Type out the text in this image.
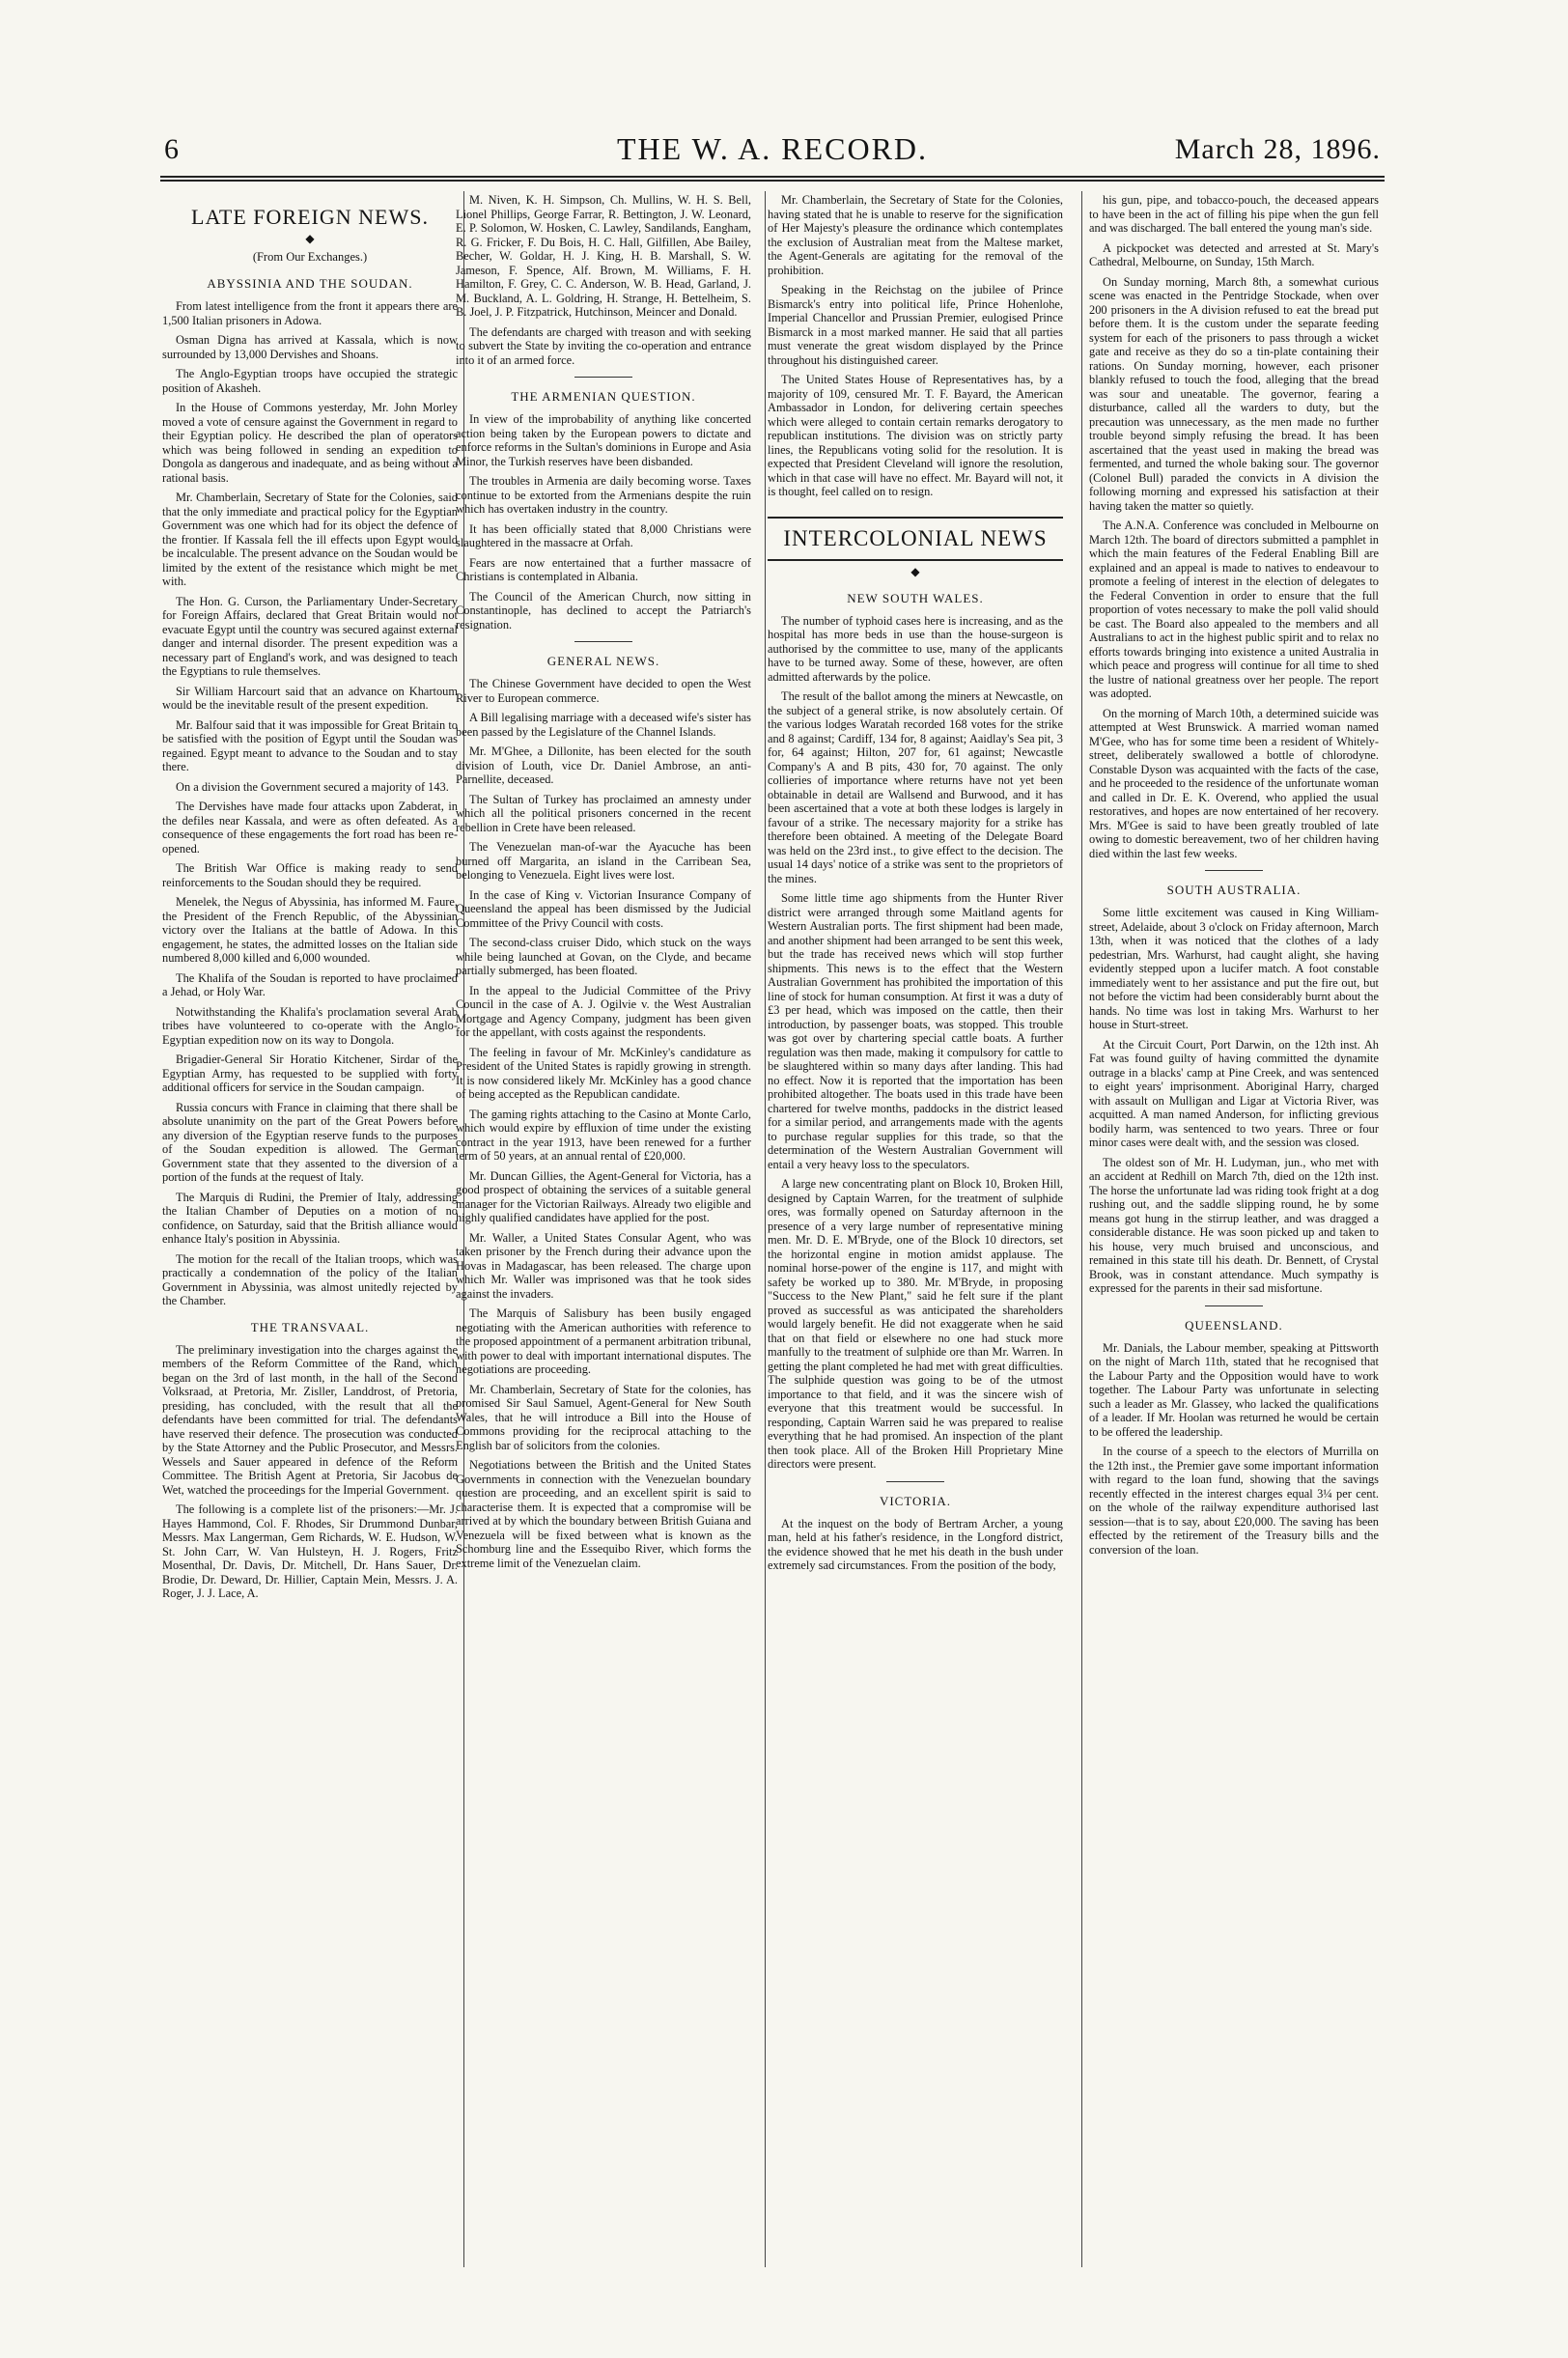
6	THE W. A. RECORD.	March 28, 1896.
LATE FOREIGN NEWS.
◆
(From Our Exchanges.)
ABYSSINIA AND THE SOUDAN.

From latest intelligence from the front it appears there are 1,500 Italian prisoners in Adowa.

Osman Digna has arrived at Kassala, which is now surrounded by 13,000 Dervishes and Shoans.

The Anglo-Egyptian troops have occupied the strategic position of Akasheh.

In the House of Commons yesterday, Mr. John Morley moved a vote of censure against the Government in regard to their Egyptian policy. He described the plan of operators which was being followed in sending an expedition to Dongola as dangerous and inadequate, and as being without a rational basis.

Mr. Chamberlain, Secretary of State for the Colonies, said that the only immediate and practical policy for the Egyptian Government was one which had for its object the defence of the frontier. If Kassala fell the ill effects upon Egypt would be incalculable. The present advance on the Soudan would be limited by the extent of the resistance which might be met with.

The Hon. G. Curson, the Parliamentary Under-Secretary for Foreign Affairs, declared that Great Britain would not evacuate Egypt until the country was secured against external danger and internal disorder. The present expedition was a necessary part of England's work, and was designed to teach the Egyptians to rule themselves.

Sir William Harcourt said that an advance on Khartoum would be the inevitable result of the present expedition.

Mr. Balfour said that it was impossible for Great Britain to be satisfied with the position of Egypt until the Soudan was regained. Egypt meant to advance to the Soudan and to stay there.

On a division the Government secured a majority of 143.

The Dervishes have made four attacks upon Zabderat, in the defiles near Kassala, and were as often defeated. As a consequence of these engagements the fort road has been re-opened.

The British War Office is making ready to send reinforcements to the Soudan should they be required.

Menelek, the Negus of Abyssinia, has informed M. Faure, the President of the French Republic, of the Abyssinian victory over the Italians at the battle of Adowa. In this engagement, he states, the admitted losses on the Italian side numbered 8,000 killed and 6,000 wounded.

The Khalifa of the Soudan is reported to have proclaimed a Jehad, or Holy War.

Notwithstanding the Khalifa's proclamation several Arab tribes have volunteered to co-operate with the Anglo-Egyptian expedition now on its way to Dongola.

Brigadier-General Sir Horatio Kitchener, Sirdar of the Egyptian Army, has requested to be supplied with forty additional officers for service in the Soudan campaign.

Russia concurs with France in claiming that there shall be absolute unanimity on the part of the Great Powers before any diversion of the Egyptian reserve funds to the purposes of the Soudan expedition is allowed. The German Government state that they assented to the diversion of a portion of the funds at the request of Italy.

The Marquis di Rudini, the Premier of Italy, addressing the Italian Chamber of Deputies on a motion of no confidence, on Saturday, said that the British alliance would enhance Italy's position in Abyssinia.

The motion for the recall of the Italian troops, which was practically a condemnation of the policy of the Italian Government in Abyssinia, was almost unitedly rejected by the Chamber.

THE TRANSVAAL.

The preliminary investigation into the charges against the members of the Reform Committee of the Rand, which began on the 3rd of last month, in the hall of the Second Volksraad, at Pretoria, Mr. Zisller, Landdrost, of Pretoria, presiding, has concluded, with the result that all the defendants have been committed for trial. The defendants have reserved their defence. The prosecution was conducted by the State Attorney and the Public Prosecutor, and Messrs. Wessels and Sauer appeared in defence of the Reform Committee. The British Agent at Pretoria, Sir Jacobus de Wet, watched the proceedings for the Imperial Government.

The following is a complete list of the prisoners:—Mr. J. Hayes Hammond, Col. F. Rhodes, Sir Drummond Dunbar, Messrs. Max Langerman, Gem Richards, W. E. Hudson, W. St. John Carr, W. Van Hulsteyn, H. J. Rogers, Fritz Mosenthal, Dr. Davis, Dr. Mitchell, Dr. Hans Sauer, Dr. Brodie, Dr. Deward, Dr. Hillier, Captain Mein, Messrs. J. A. Roger, J. J. Lace, A.

M. Niven, K. H. Simpson, Ch. Mullins, W. H. S. Bell, Lionel Phillips, George Farrar, R. Bettington, J. W. Leonard, E. P. Solomon, W. Hosken, C. Lawley, Sandilands, Eangham, R. G. Fricker, F. Du Bois, H. C. Hall, Gilfillen, Abe Bailey, Becher, W. Goldar, H. J. King, H. B. Marshall, S. W. Jameson, F. Spence, Alf. Brown, M. Williams, F. H. Hamilton, F. Grey, C. C. Anderson, W. B. Head, Garland, J. M. Buckland, A. L. Goldring, H. Strange, H. Bettelheim, S. B. Joel, J. P. Fitzpatrick, Hutchinson, Meincer and Donald.

The defendants are charged with treason and with seeking to subvert the State by inviting the co-operation and entrance into it of an armed force.

THE ARMENIAN QUESTION.

In view of the improbability of anything like concerted action being taken by the European powers to dictate and enforce reforms in the Sultan's dominions in Europe and Asia Minor, the Turkish reserves have been disbanded.

The troubles in Armenia are daily becoming worse. Taxes continue to be extorted from the Armenians despite the ruin which has overtaken industry in the country.

It has been officially stated that 8,000 Christians were slaughtered in the massacre at Orfah.

Fears are now entertained that a further massacre of Christians is contemplated in Albania.

The Council of the American Church, now sitting in Constantinople, has declined to accept the Patriarch's resignation.

GENERAL NEWS.

The Chinese Government have decided to open the West River to European commerce.

A Bill legalising marriage with a deceased wife's sister has been passed by the Legislature of the Channel Islands.

Mr. M'Ghee, a Dillonite, has been elected for the south division of Louth, vice Dr. Daniel Ambrose, an anti-Parnellite, deceased.

The Sultan of Turkey has proclaimed an amnesty under which all the political prisoners concerned in the recent rebellion in Crete have been released.

The Venezuelan man-of-war the Ayacuche has been burned off Margarita, an island in the Carribean Sea, belonging to Venezuela. Eight lives were lost.

In the case of King v. Victorian Insurance Company of Queensland the appeal has been dismissed by the Judicial Committee of the Privy Council with costs.

The second-class cruiser Dido, which stuck on the ways while being launched at Govan, on the Clyde, and became partially submerged, has been floated.

In the appeal to the Judicial Committee of the Privy Council in the case of A. J. Ogilvie v. the West Australian Mortgage and Agency Company, judgment has been given for the appellant, with costs against the respondents.

The feeling in favour of Mr. McKinley's candidature as President of the United States is rapidly growing in strength. It is now considered likely Mr. McKinley has a good chance of being accepted as the Republican candidate.

The gaming rights attaching to the Casino at Monte Carlo, which would expire by effluxion of time under the existing contract in the year 1913, have been renewed for a further term of 50 years, at an annual rental of £20,000.

Mr. Duncan Gillies, the Agent-General for Victoria, has a good prospect of obtaining the services of a suitable general manager for the Victorian Railways. Already two eligible and highly qualified candidates have applied for the post.

Mr. Waller, a United States Consular Agent, who was taken prisoner by the French during their advance upon the Hovas in Madagascar, has been released. The charge upon which Mr. Waller was imprisoned was that he took sides against the invaders.

The Marquis of Salisbury has been busily engaged negotiating with the American authorities with reference to the proposed appointment of a permanent arbitration tribunal, with power to deal with important international disputes. The negotiations are proceeding.

Mr. Chamberlain, Secretary of State for the colonies, has promised Sir Saul Samuel, Agent-General for New South Wales, that he will introduce a Bill into the House of Commons providing for the reciprocal attaching to the English bar of solicitors from the colonies.

Negotiations between the British and the United States Governments in connection with the Venezuelan boundary question are proceeding, and an excellent spirit is said to characterise them. It is expected that a compromise will be arrived at by which the boundary between British Guiana and Venezuela will be fixed between what is known as the Schomburg line and the Essequibo River, which forms the extreme limit of the Venezuelan claim.

Mr. Chamberlain, the Secretary of State for the Colonies, having stated that he is unable to reserve for the signification of Her Majesty's pleasure the ordinance which contemplates the exclusion of Australian meat from the Maltese market, the Agent-Generals are agitating for the removal of the prohibition.

Speaking in the Reichstag on the jubilee of Prince Bismarck's entry into political life, Prince Hohenlohe, Imperial Chancellor and Prussian Premier, eulogised Prince Bismarck in a most marked manner. He said that all parties must venerate the great wisdom displayed by the Prince throughout his distinguished career.

The United States House of Representatives has, by a majority of 109, censured Mr. T. F. Bayard, the American Ambassador in London, for delivering certain speeches which were alleged to contain certain remarks derogatory to republican institutions. The division was on strictly party lines, the Republicans voting solid for the resolution. It is expected that President Cleveland will ignore the resolution, which in that case will have no effect. Mr. Bayard will not, it is thought, feel called on to resign.

INTERCOLONIAL NEWS
◆
NEW SOUTH WALES.

The number of typhoid cases here is increasing, and as the hospital has more beds in use than the house-surgeon is authorised by the committee to use, many of the applicants have to be turned away. Some of these, however, are often admitted afterwards by the police.

The result of the ballot among the miners at Newcastle, on the subject of a general strike, is now absolutely certain. Of the various lodges Waratah recorded 168 votes for the strike and 8 against; Cardiff, 134 for, 8 against; Aaidlay's Sea pit, 3 for, 64 against; Hilton, 207 for, 61 against; Newcastle Company's A and B pits, 430 for, 70 against. The only collieries of importance where returns have not yet been obtainable in detail are Wallsend and Burwood, and it has been ascertained that a vote at both these lodges is largely in favour of a strike. The necessary majority for a strike has therefore been obtained. A meeting of the Delegate Board was held on the 23rd inst., to give effect to the decision. The usual 14 days' notice of a strike was sent to the proprietors of the mines.

Some little time ago shipments from the Hunter River district were arranged through some Maitland agents for Western Australian ports. The first shipment had been made, and another shipment had been arranged to be sent this week, but the trade has received news which will stop further shipments. This news is to the effect that the Western Australian Government has prohibited the importation of this line of stock for human consumption. At first it was a duty of £3 per head, which was imposed on the cattle, then their introduction, by passenger boats, was stopped. This trouble was got over by chartering special cattle boats. A further regulation was then made, making it compulsory for cattle to be slaughtered within so many days after landing. This had no effect. Now it is reported that the importation has been prohibited altogether. The boats used in this trade have been chartered for twelve months, paddocks in the district leased for a similar period, and arrangements made with the agents to purchase regular supplies for this trade, so that the determination of the Western Australian Government will entail a very heavy loss to the speculators.

A large new concentrating plant on Block 10, Broken Hill, designed by Captain Warren, for the treatment of sulphide ores, was formally opened on Saturday afternoon in the presence of a very large number of representative mining men. Mr. D. E. M'Bryde, one of the Block 10 directors, set the horizontal engine in motion amidst applause. The nominal horse-power of the engine is 117, and might with safety be worked up to 380. Mr. M'Bryde, in proposing "Success to the New Plant," said he felt sure if the plant proved as successful as was anticipated the shareholders would largely benefit. He did not exaggerate when he said that on that field or elsewhere no one had stuck more manfully to the treatment of sulphide ore than Mr. Warren. In getting the plant completed he had met with great difficulties. The sulphide question was going to be of the utmost importance to that field, and it was the sincere wish of everyone that this treatment would be successful. In responding, Captain Warren said he was prepared to realise everything that he had promised. An inspection of the plant then took place. All of the Broken Hill Proprietary Mine directors were present.

VICTORIA.

At the inquest on the body of Bertram Archer, a young man, held at his father's residence, in the Longford district, the evidence showed that he met his death in the bush under extremely sad circumstances. From the position of the body,

his gun, pipe, and tobacco-pouch, the deceased appears to have been in the act of filling his pipe when the gun fell and was discharged. The ball entered the young man's side.

A pickpocket was detected and arrested at St. Mary's Cathedral, Melbourne, on Sunday, 15th March.

On Sunday morning, March 8th, a somewhat curious scene was enacted in the Pentridge Stockade, when over 200 prisoners in the A division refused to eat the bread put before them. It is the custom under the separate feeding system for each of the prisoners to pass through a wicket gate and receive as they do so a tin-plate containing their rations. On Sunday morning, however, each prisoner blankly refused to touch the food, alleging that the bread was sour and uneatable. The governor, fearing a disturbance, called all the warders to duty, but the precaution was unnecessary, as the men made no further trouble beyond simply refusing the bread. It has been ascertained that the yeast used in making the bread was fermented, and turned the whole baking sour. The governor (Colonel Bull) paraded the convicts in A division the following morning and expressed his satisfaction at their having taken the matter so quietly.

The A.N.A. Conference was concluded in Melbourne on March 12th. The board of directors submitted a pamphlet in which the main features of the Federal Enabling Bill are explained and an appeal is made to natives to endeavour to promote a feeling of interest in the election of delegates to the Federal Convention in order to ensure that the full proportion of votes necessary to make the poll valid should be cast. The Board also appealed to the members and all Australians to act in the highest public spirit and to relax no efforts towards bringing into existence a united Australia in which peace and progress will continue for all time to shed the lustre of national greatness over her people. The report was adopted.

On the morning of March 10th, a determined suicide was attempted at West Brunswick. A married woman named M'Gee, who has for some time been a resident of Whitely-street, deliberately swallowed a bottle of chlorodyne. Constable Dyson was acquainted with the facts of the case, and he proceeded to the residence of the unfortunate woman and called in Dr. E. K. Overend, who applied the usual restoratives, and hopes are now entertained of her recovery. Mrs. M'Gee is said to have been greatly troubled of late owing to domestic bereavement, two of her children having died within the last few weeks.

SOUTH AUSTRALIA.

Some little excitement was caused in King William-street, Adelaide, about 3 o'clock on Friday afternoon, March 13th, when it was noticed that the clothes of a lady pedestrian, Mrs. Warhurst, had caught alight, she having evidently stepped upon a lucifer match. A foot constable immediately went to her assistance and put the fire out, but not before the victim had been considerably burnt about the hands. No time was lost in taking Mrs. Warhurst to her house in Sturt-street.

At the Circuit Court, Port Darwin, on the 12th inst. Ah Fat was found guilty of having committed the dynamite outrage in a blacks' camp at Pine Creek, and was sentenced to eight years' imprisonment. Aboriginal Harry, charged with assault on Mulligan and Ligar at Victoria River, was acquitted. A man named Anderson, for inflicting grevious bodily harm, was sentenced to two years. Three or four minor cases were dealt with, and the session was closed.

The oldest son of Mr. H. Ludyman, jun., who met with an accident at Redhill on March 7th, died on the 12th inst. The horse the unfortunate lad was riding took fright at a dog rushing out, and the saddle slipping round, he by some means got hung in the stirrup leather, and was dragged a considerable distance. He was soon picked up and taken to his house, very much bruised and unconscious, and remained in this state till his death. Dr. Bennett, of Crystal Brook, was in constant attendance. Much sympathy is expressed for the parents in their sad misfortune.

QUEENSLAND.

Mr. Danials, the Labour member, speaking at Pittsworth on the night of March 11th, stated that he recognised that the Labour Party and the Opposition would have to work together. The Labour Party was unfortunate in selecting such a leader as Mr. Glassey, who lacked the qualifications of a leader. If Mr. Hoolan was returned he would be certain to be offered the leadership.

In the course of a speech to the electors of Murrilla on the 12th inst., the Premier gave some important information with regard to the loan fund, showing that the savings recently effected in the interest charges equal 3¼ per cent. on the whole of the railway expenditure authorised last session—that is to say, about £20,000. The saving has been effected by the retirement of the Treasury bills and the conversion of the loan.
